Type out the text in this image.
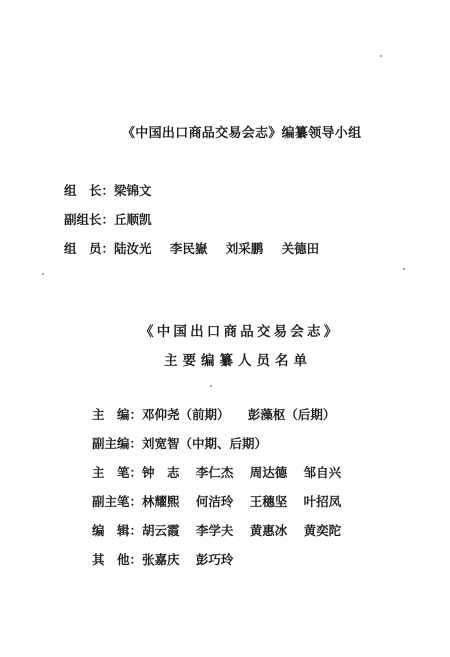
《中国出口商品交易会志》编纂领导小组
组　长： 梁锦文
副组长： 丘顺凯
组　员： 陆汝光 李民嶽 刘采鹏 关德田
《中国出口商品交易会志》
主要编纂人员名单
主　编： 邓仰尧（前期） 彭藻枢（后期）
副主编： 刘宽智（中期、后期）
主　笔： 钟　志 李仁杰 周达德 邹自兴
副主笔： 林耀煕 何洁玲 王穗坚 叶招凤
编　辑： 胡云霞 李学夫 黄惠冰 黄奕陀
其　他： 张嘉庆 彭巧玲
